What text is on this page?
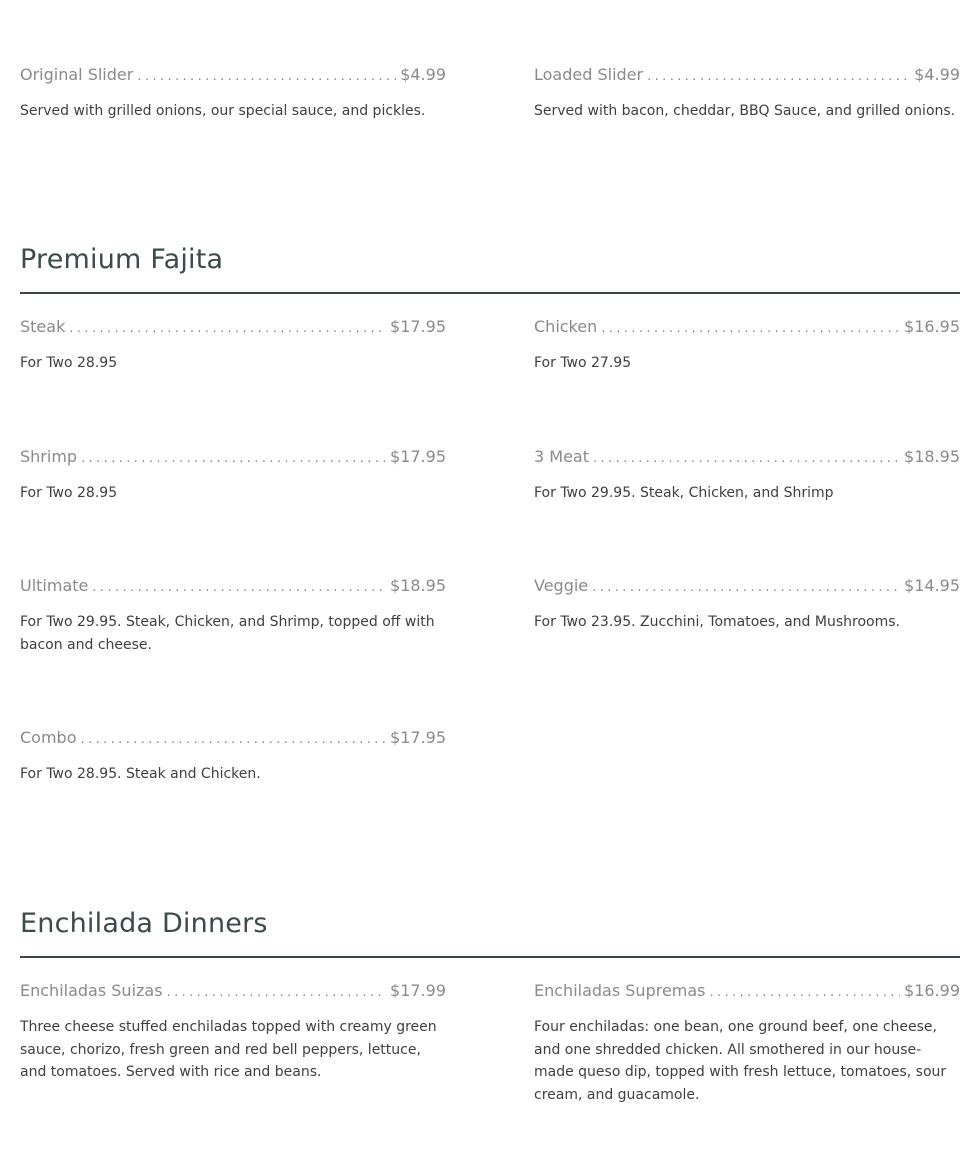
Original Slider .....	$4.99
Served with grilled onions, our special sauce, and pickles.
Loaded Slider .....	$4.99
Served with bacon, cheddar, BBQ Sauce, and grilled onions.
Premium Fajita
Steak .....	$17.95
For Two 28.95
Chicken .....	$16.95
For Two 27.95
Shrimp .....	$17.95
For Two 28.95
3 Meat .....	$18.95
For Two 29.95. Steak, Chicken, and Shrimp
Ultimate .....	$18.95
For Two 29.95. Steak, Chicken, and Shrimp, topped off with bacon and cheese.
Veggie .....	$14.95
For Two 23.95. Zucchini, Tomatoes, and Mushrooms.
Combo .....	$17.95
For Two 28.95. Steak and Chicken.
Enchilada Dinners
Enchiladas Suizas .....	$17.99
Three cheese stuffed enchiladas topped with creamy green sauce, chorizo, fresh green and red bell peppers, lettuce, and tomatoes. Served with rice and beans.
Enchiladas Supremas .....	$16.99
Four enchiladas: one bean, one ground beef, one cheese, and one shredded chicken. All smothered in our house-made queso dip, topped with fresh lettuce, tomatoes, sour cream, and guacamole.
